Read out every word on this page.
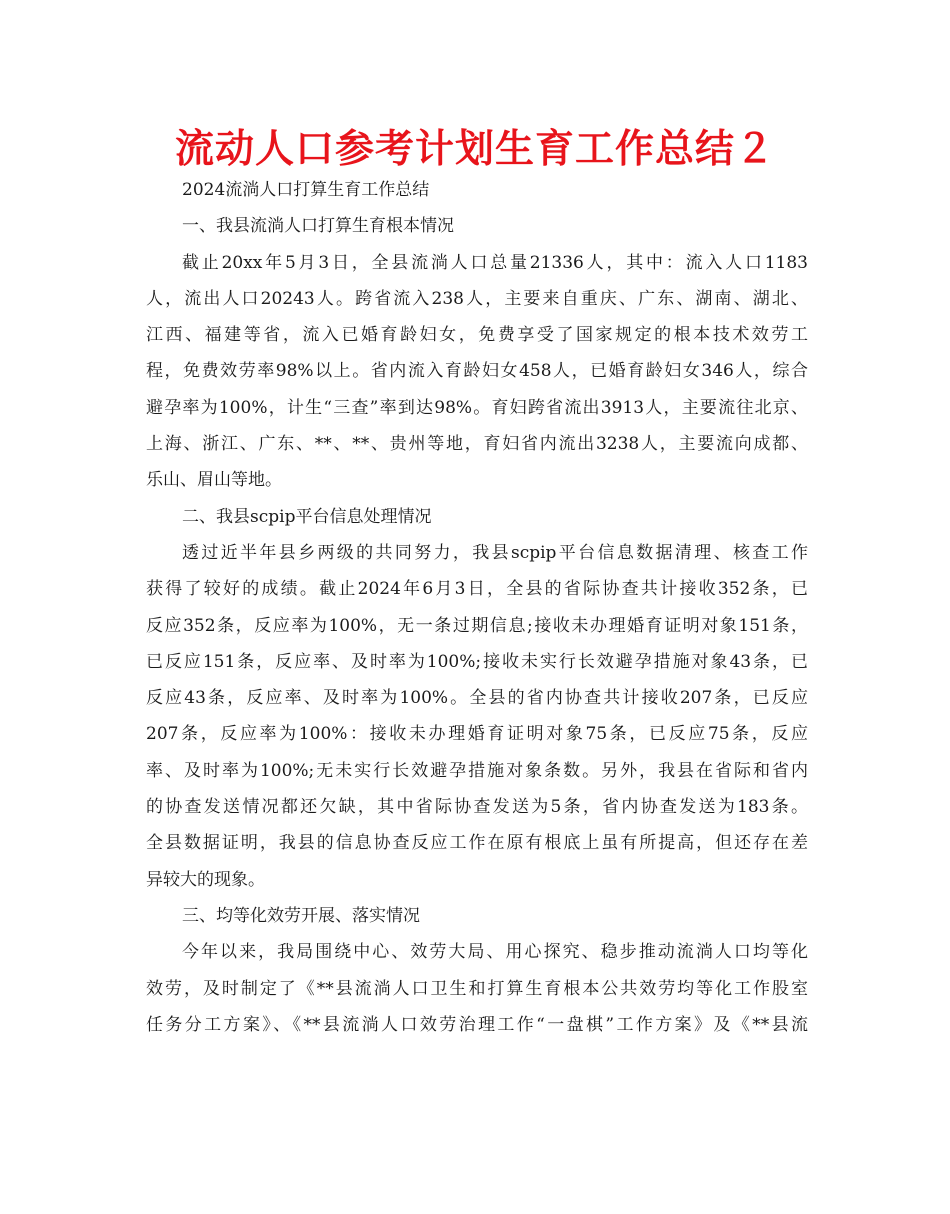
流动人口参考计划生育工作总结２
2024流淌人口打算生育工作总结
一、我县流淌人口打算生育根本情况
截止20xx年5月3日，全县流淌人口总量21336人，其中：流入人口1183
人，流出人口20243人。跨省流入238人，主要来自重庆、广东、湖南、湖北、
江西、福建等省，流入已婚育龄妇女，免费享受了国家规定的根本技术效劳工
程，免费效劳率98%以上。省内流入育龄妇女458人，已婚育龄妇女346人，综合
避孕率为100%，计生“三查”率到达98%。育妇跨省流出3913人，主要流往北京、
上海、浙江、广东、**、**、贵州等地，育妇省内流出3238人，主要流向成都、
乐山、眉山等地。
二、我县scpip平台信息处理情况
透过近半年县乡两级的共同努力，我县scpip平台信息数据清理、核查工作
获得了较好的成绩。截止2024年6月3日，全县的省际协查共计接收352条，已
反应352条，反应率为100%，无一条过期信息;接收未办理婚育证明对象151条，
已反应151条，反应率、及时率为100%;接收未实行长效避孕措施对象43条，已
反应43条，反应率、及时率为100%。全县的省内协查共计接收207条，已反应
207条，反应率为100%：接收未办理婚育证明对象75条，已反应75条，反应
率、及时率为100%;无未实行长效避孕措施对象条数。另外，我县在省际和省内
的协查发送情况都还欠缺，其中省际协查发送为5条，省内协查发送为183条。
全县数据证明，我县的信息协查反应工作在原有根底上虽有所提高，但还存在差
异较大的现象。
三、均等化效劳开展、落实情况
今年以来，我局围绕中心、效劳大局、用心探究、稳步推动流淌人口均等化
效劳，及时制定了《**县流淌人口卫生和打算生育根本公共效劳均等化工作股室
任务分工方案》、《**县流淌人口效劳治理工作“一盘棋”工作方案》及《**县流
